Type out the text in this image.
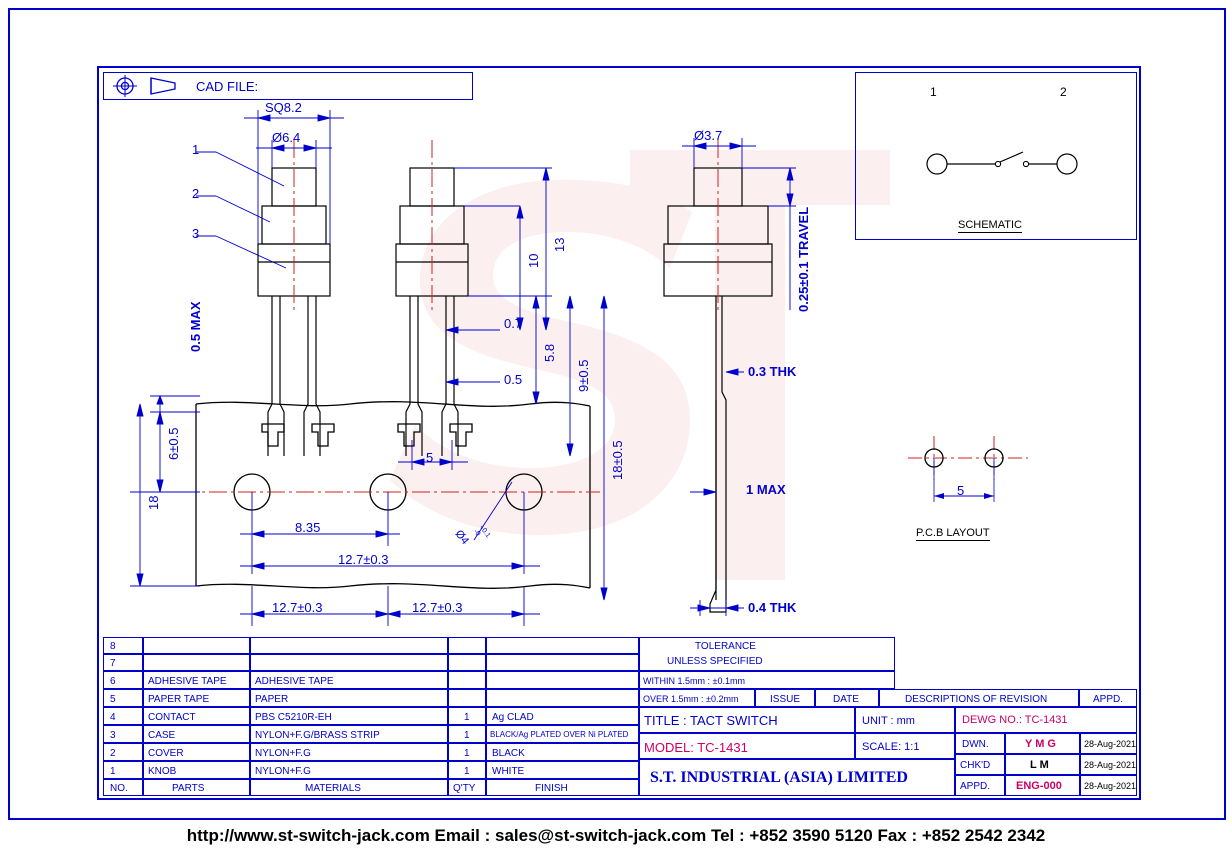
CAD FILE:	1	2
SCHEMATIC
5
P.C.B LAYOUT
1
2
3
SQ8.2
Ø6.4	Ø3.7
13
10
0.7
0.5
5.8
9±0.5
18±0.5
5
0.5 MAX
6±0.5
18
8.35
12.7±0.3
12.7±0.3	12.7±0.3
Ø4 +0.1
-0
0.25±0.1 TRAVEL
0.3 THK
1 MAX
0.4 THK
8
7
6	ADHESIVE TAPE	ADHESIVE TAPE
5	PAPER TAPE	PAPER
4	CONTACT	PBS C5210R-EH	1 Ag CLAD
3	CASE	NYLON+F.G/BRASS STRIP	1	BLACK/Ag PLATED OVER Ni PLATED
2	COVER	NYLON+F.G	1 BLACK
1	KNOB	NYLON+F.G	1 WHITE
NO.	PARTS	MATERIALS	Q'TY	FINISH
TOLERANCE
UNLESS SPECIFIED
WITHIN 1.5mm : ±0.1mm
OVER 1.5mm : ±0.2mm	ISSUE	DATE	DESCRIPTIONS OF REVISION	APPD.
TITLE : TACT SWITCH
MODEL: TC-1431
S.T. INDUSTRIAL (ASIA) LIMITED
UNIT : mm
SCALE: 1:1
DEWG NO.: TC-1431
DWN.	Y M G	28-Aug-2021
CHK'D	L M	28-Aug-2021
APPD. ENG-000 28-Aug-2021
http://www.st-switch-jack.com Email : sales@st-switch-jack.com Tel : +852 3590 5120 Fax : +852 2542 2342
